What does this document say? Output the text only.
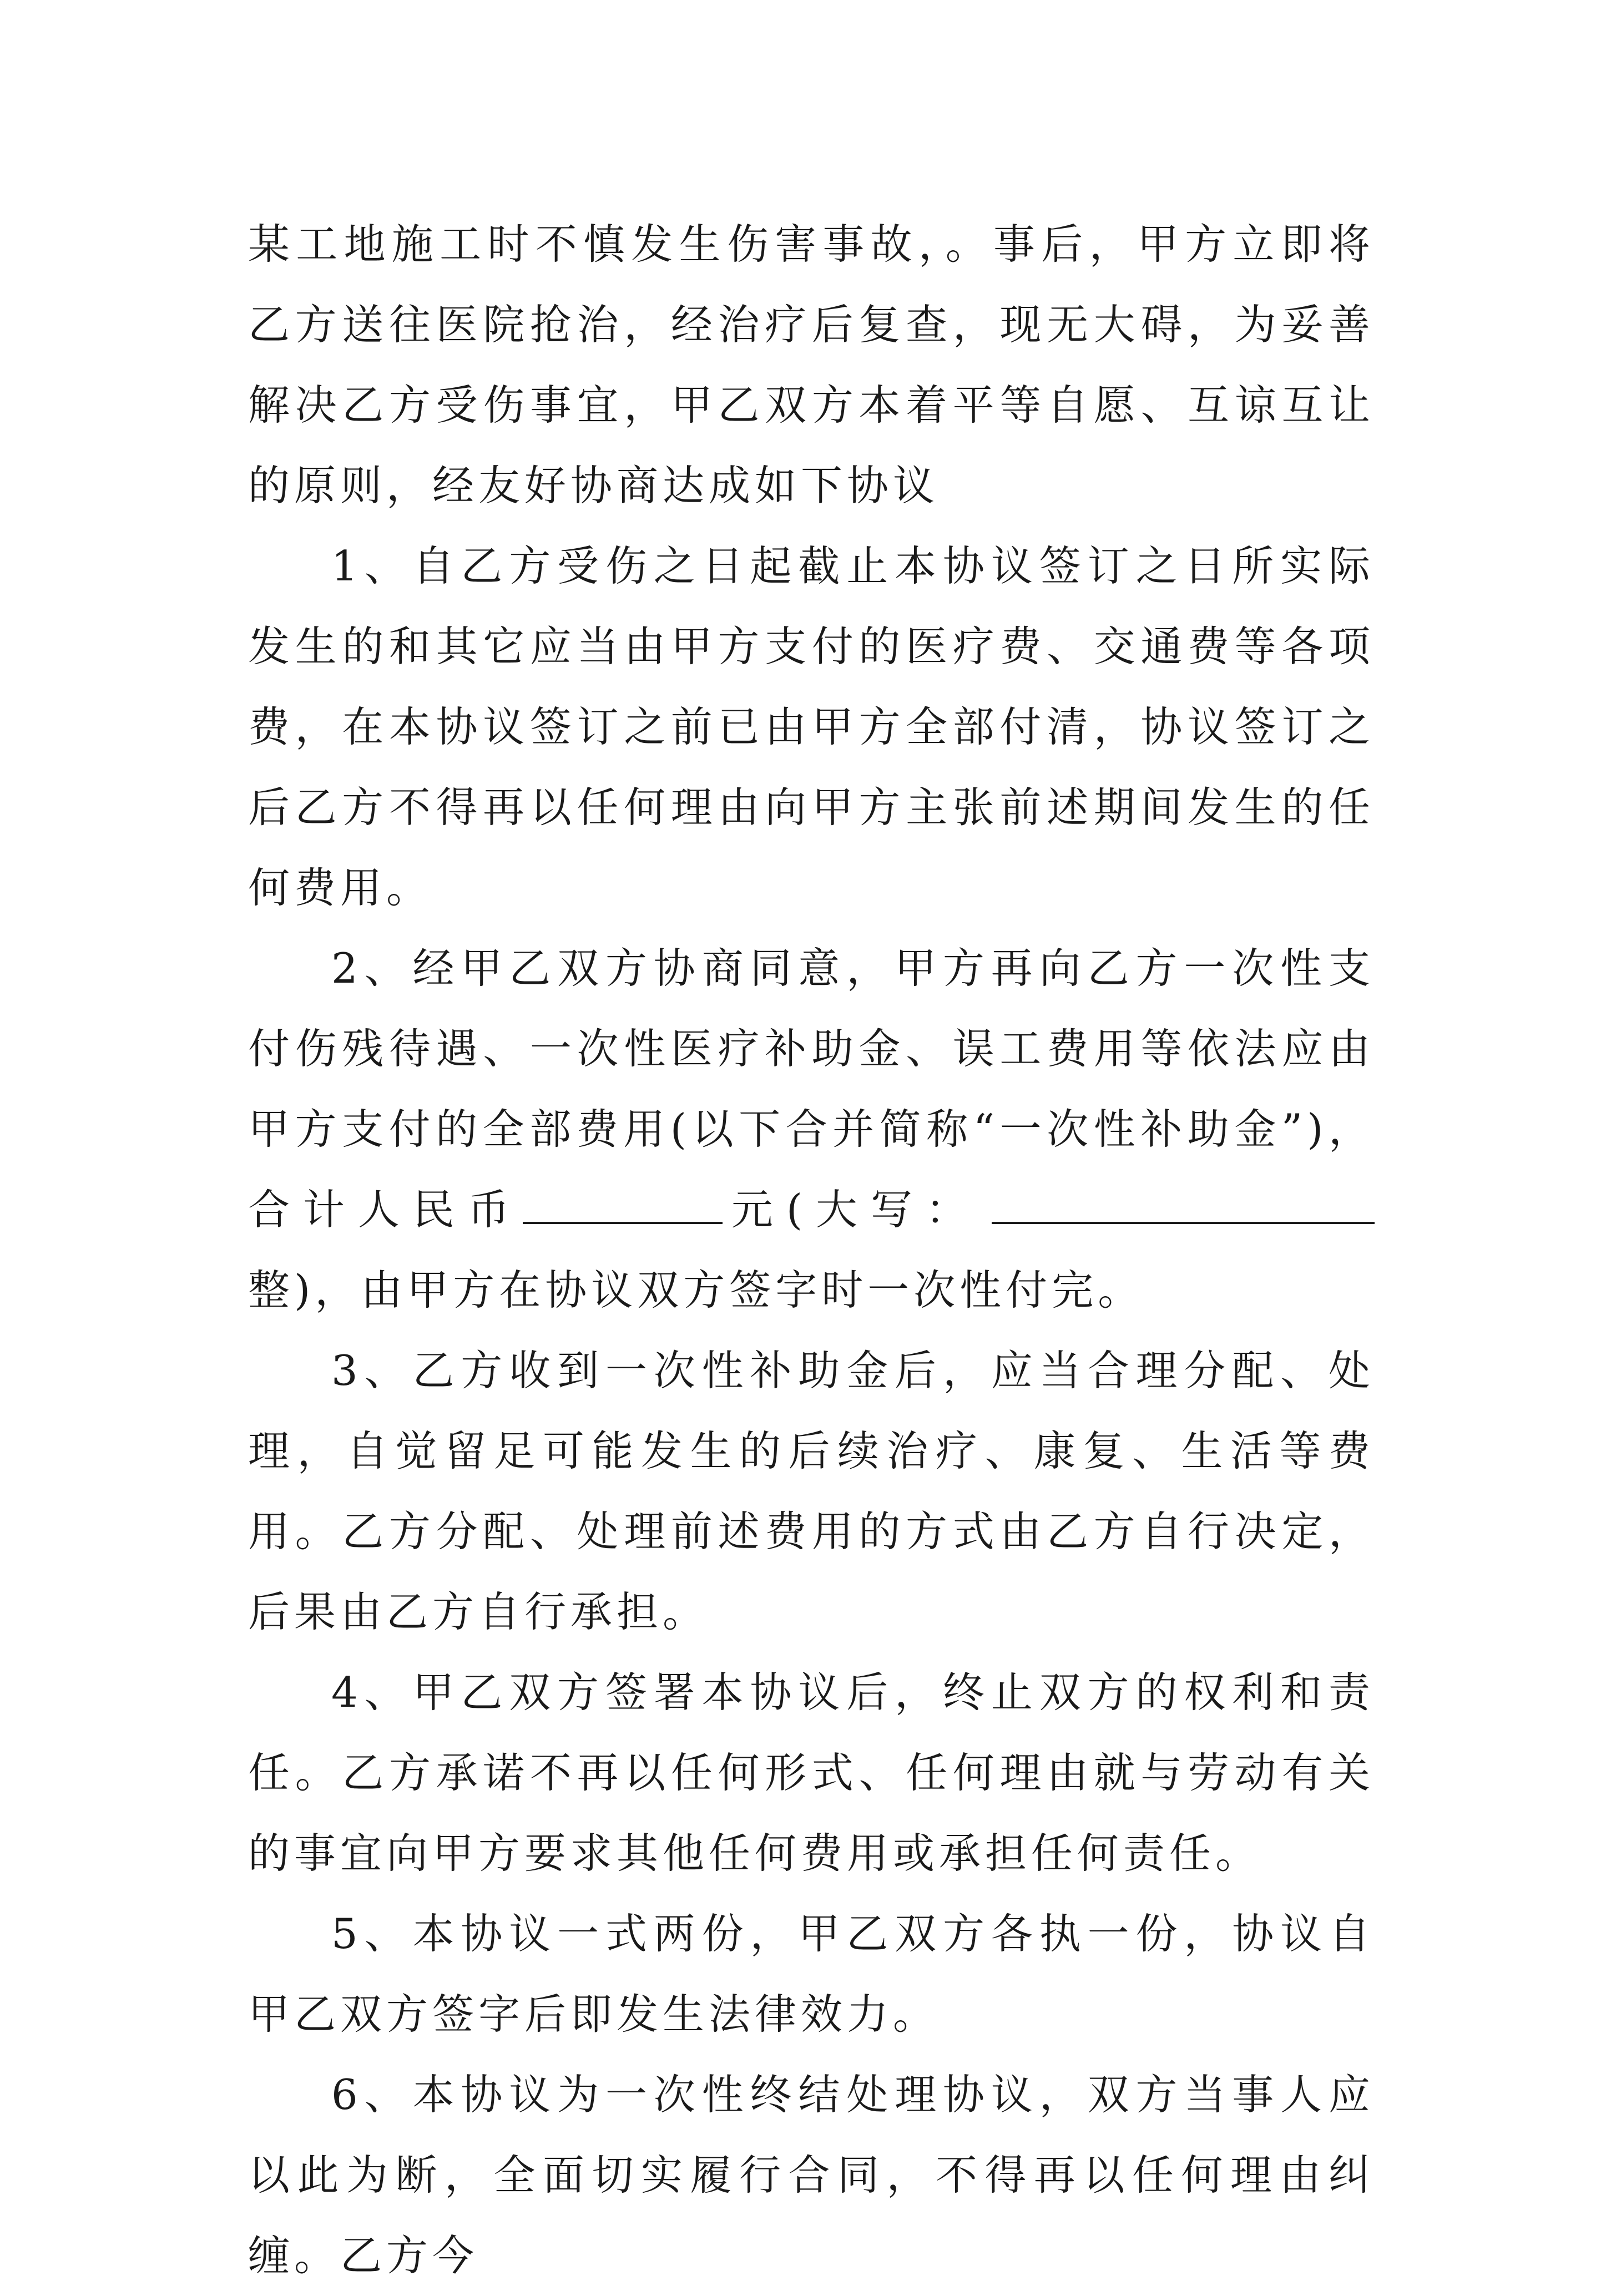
某工地施工时不慎发生伤害事故，。事后，甲方立即将乙方送往医院抢治，经治疗后复查，现无大碍，为妥善解决乙方受伤事宜，甲乙双方本着平等自愿、互谅互让的原则，经友好协商达成如下协议

1、自乙方受伤之日起截止本协议签订之日所实际发生的和其它应当由甲方支付的医疗费、交通费等各项费，在本协议签订之前已由甲方全部付清，协议签订之后乙方不得再以任何理由向甲方主张前述期间发生的任何费用。

2、经甲乙双方协商同意，甲方再向乙方一次性支付伤残待遇、一次性医疗补助金、误工费用等依法应由甲方支付的全部费用(以下合并简称“一次性补助金”)，合计人民币	元(大写：整)，由甲方在协议双方签字时一次性付完。

3、乙方收到一次性补助金后，应当合理分配、处理，自觉留足可能发生的后续治疗、康复、生活等费用。乙方分配、处理前述费用的方式由乙方自行决定，后果由乙方自行承担。

4、甲乙双方签署本协议后，终止双方的权利和责任。乙方承诺不再以任何形式、任何理由就与劳动有关的事宜向甲方要求其他任何费用或承担任何责任。

5、本协议一式两份，甲乙双方各执一份，协议自甲乙双方签字后即发生法律效力。

6、本协议为一次性终结处理协议，双方当事人应以此为断，全面切实履行合同，不得再以任何理由纠缠。乙方今
